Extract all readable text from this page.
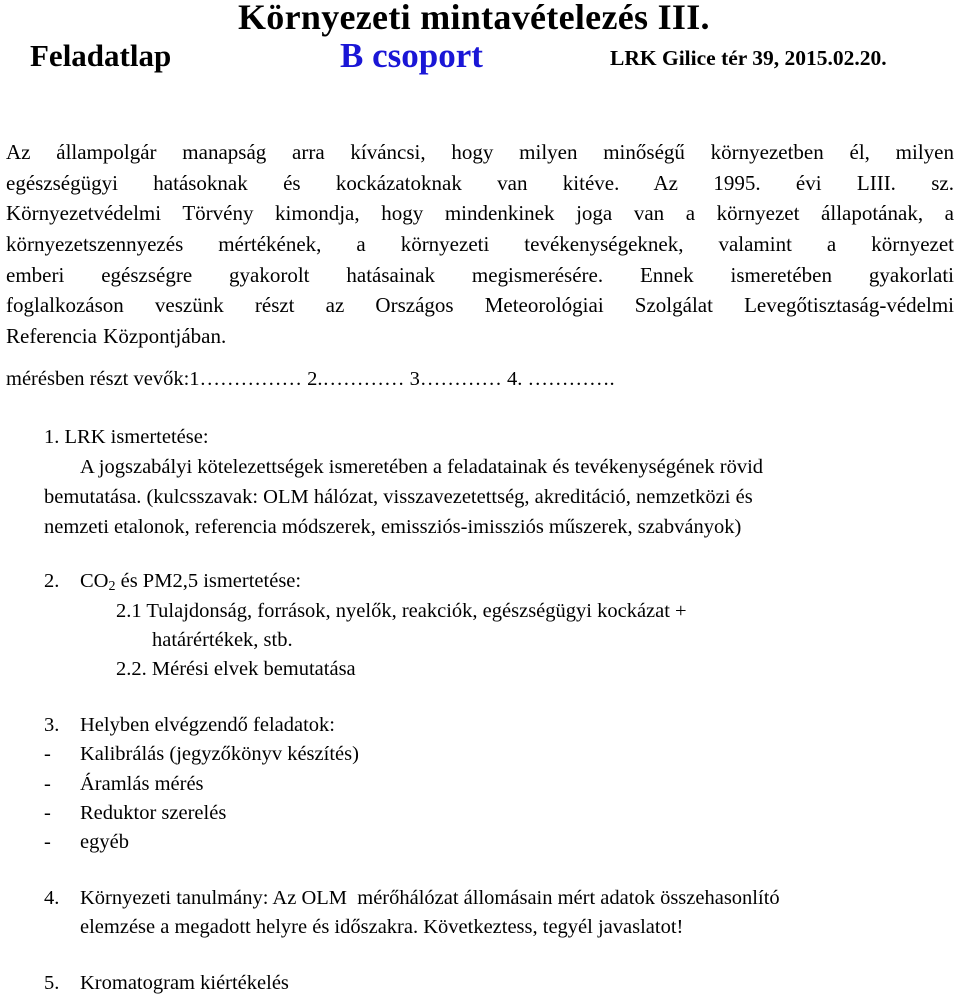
Környezeti mintavételezés III.
Feladatlap	B csoport	LRK Gilice tér 39, 2015.02.20.
Az állampolgár manapság arra kíváncsi, hogy milyen minőségű környezetben él, milyen
egészségügyi hatásoknak és kockázatoknak van kitéve. Az 1995. évi LIII. sz.
Környezetvédelmi Törvény kimondja, hogy mindenkinek joga van a környezet állapotának, a
környezetszennyezés mértékének, a környezeti tevékenységeknek, valamint a környezet
emberi egészségre gyakorolt hatásainak megismerésére. Ennek ismeretében gyakorlati
foglalkozáson veszünk részt az Országos Meteorológiai Szolgálat Levegőtisztaság-védelmi
Referencia Központjában.
mérésben részt vevők:1…………… 2.………… 3………… 4. ………….
1. LRK ismertetése:
A jogszabályi kötelezettségek ismeretében a feladatainak és tevékenységének rövid
bemutatása. (kulcsszavak: OLM hálózat, visszavezetettség, akreditáció, nemzetközi és
nemzeti etalonok, referencia módszerek, emissziós-imissziós műszerek, szabványok)
2. $CO_2$ és PM2,5 ismertetése:
2.1 Tulajdonság, források, nyelők, reakciók, egészségügyi kockázat +
határértékek, stb.
2.2. Mérési elvek bemutatása
3. Helyben elvégzendő feladatok:
- Kalibrálás (jegyzőkönyv készítés)
- Áramlás mérés
- Reduktor szerelés
- egyéb
4. Környezeti tanulmány: Az OLM  mérőhálózat állomásain mért adatok összehasonlító
elemzése a megadott helyre és időszakra. Következtess, tegyél javaslatot!
5. Kromatogram kiértékelés
